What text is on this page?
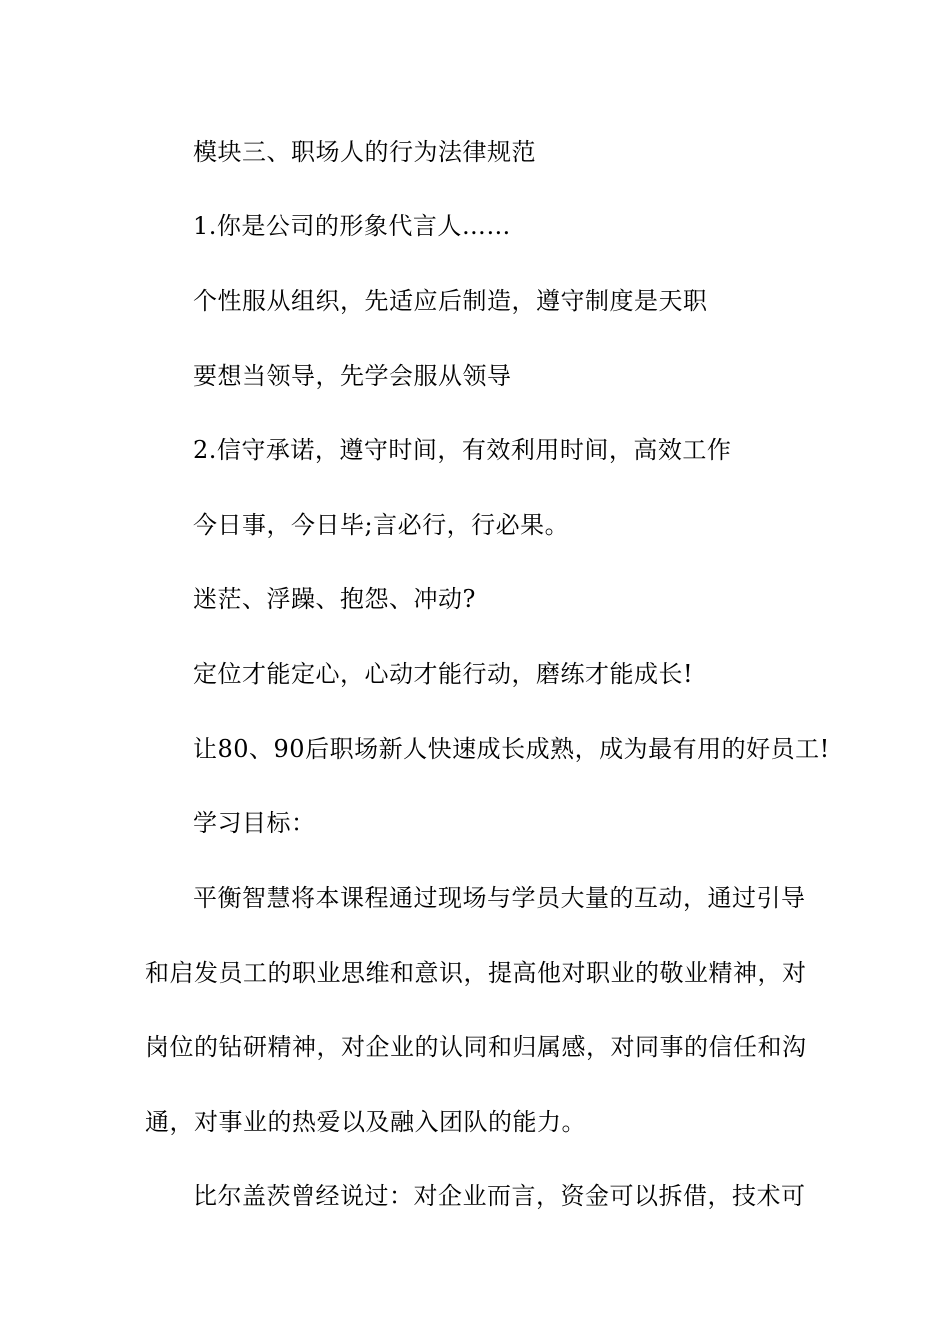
模块三、职场人的行为法律规范
1.你是公司的形象代言人……
个性服从组织，先适应后制造，遵守制度是天职
要想当领导，先学会服从领导
2.信守承诺，遵守时间，有效利用时间，高效工作
今日事，今日毕;言必行，行必果。
迷茫、浮躁、抱怨、冲动?
定位才能定心，心动才能行动，磨练才能成长!
让80、90后职场新人快速成长成熟，成为最有用的好员工!
学习目标：
平衡智慧将本课程通过现场与学员大量的互动，通过引导
和启发员工的职业思维和意识，提高他对职业的敬业精神，对
岗位的钻研精神，对企业的认同和归属感，对同事的信任和沟
通，对事业的热爱以及融入团队的能力。
比尔盖茨曾经说过：对企业而言，资金可以拆借，技术可
